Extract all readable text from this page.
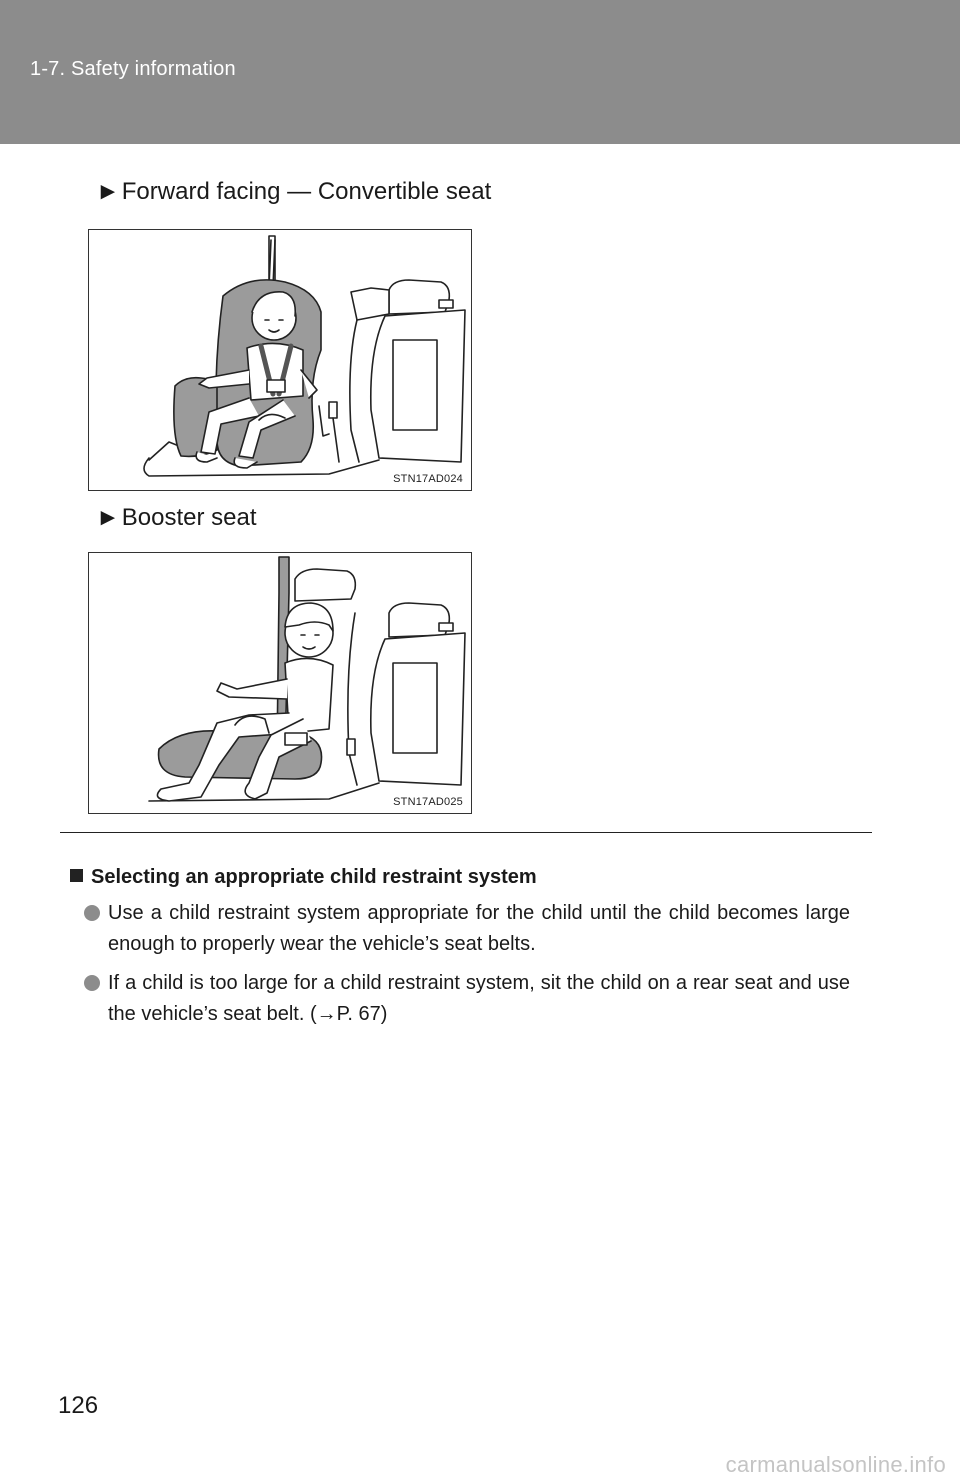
1-7. Safety information
►Forward facing — Convertible seat
STN17AD024
►Booster seat
STN17AD025
Selecting an appropriate child restraint system
Use a child restraint system appropriate for the child until the child becomes large enough to properly wear the vehicle’s seat belts.
If a child is too large for a child restraint system, sit the child on a rear seat and use the vehicle’s seat belt. (→P. 67)
126
carmanualsonline.info
